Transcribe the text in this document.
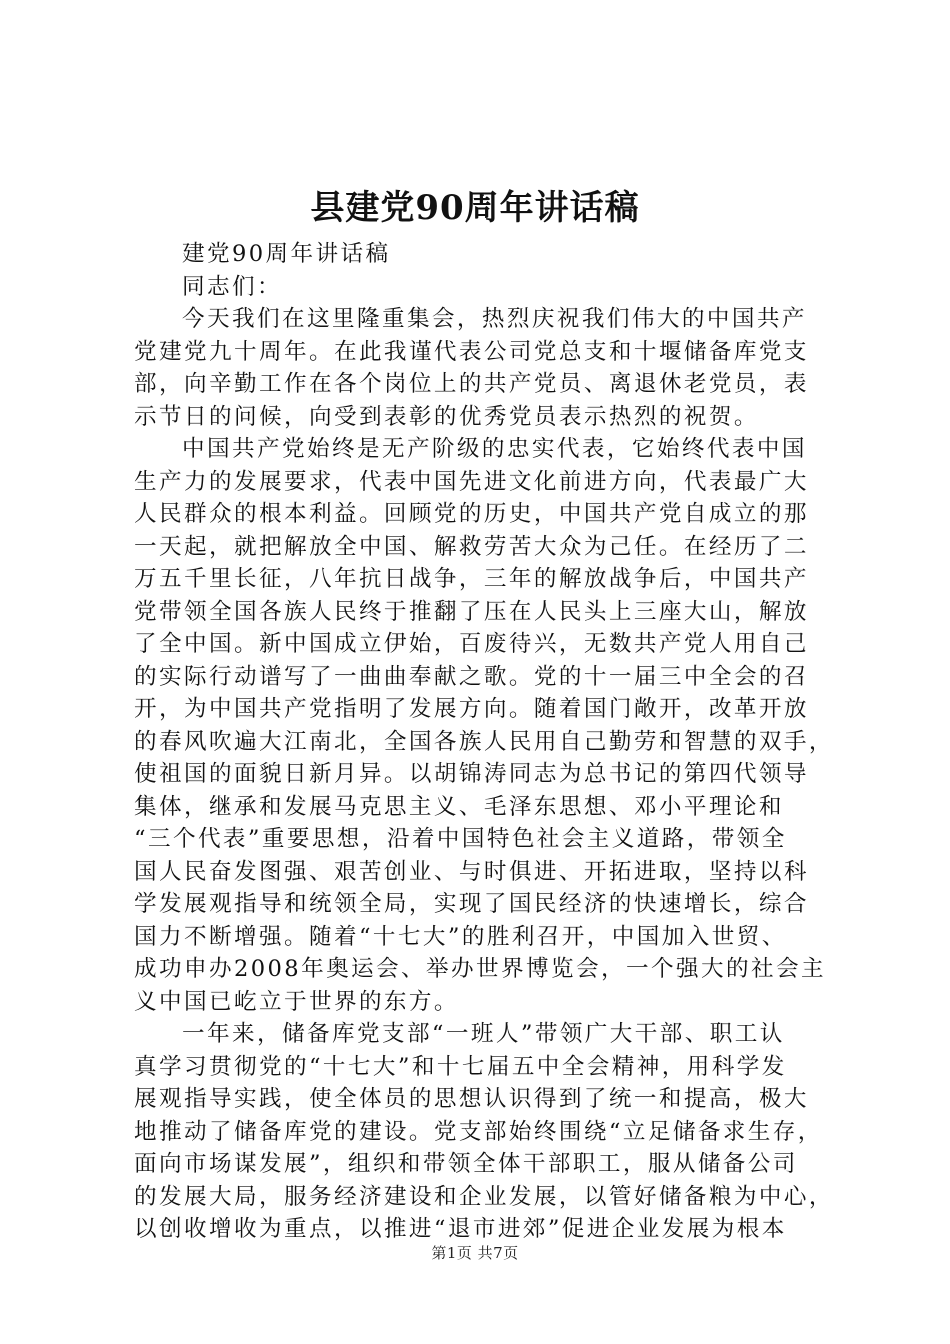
县建党90周年讲话稿
建党90周年讲话稿
同志们：
今天我们在这里隆重集会，热烈庆祝我们伟大的中国共产
党建党九十周年。在此我谨代表公司党总支和十堰储备库党支
部，向辛勤工作在各个岗位上的共产党员、离退休老党员，表
示节日的问候，向受到表彰的优秀党员表示热烈的祝贺。
中国共产党始终是无产阶级的忠实代表，它始终代表中国
生产力的发展要求，代表中国先进文化前进方向，代表最广大
人民群众的根本利益。回顾党的历史，中国共产党自成立的那
一天起，就把解放全中国、解救劳苦大众为己任。在经历了二
万五千里长征，八年抗日战争，三年的解放战争后，中国共产
党带领全国各族人民终于推翻了压在人民头上三座大山，解放
了全中国。新中国成立伊始，百废待兴，无数共产党人用自己
的实际行动谱写了一曲曲奉献之歌。党的十一届三中全会的召
开，为中国共产党指明了发展方向。随着国门敞开，改革开放
的春风吹遍大江南北，全国各族人民用自己勤劳和智慧的双手，
使祖国的面貌日新月异。以胡锦涛同志为总书记的第四代领导
集体，继承和发展马克思主义、毛泽东思想、邓小平理论和
“三个代表”重要思想，沿着中国特色社会主义道路，带领全
国人民奋发图强、艰苦创业、与时俱进、开拓进取，坚持以科
学发展观指导和统领全局，实现了国民经济的快速增长，综合
国力不断增强。随着“十七大”的胜利召开，中国加入世贸、
成功申办2008年奥运会、举办世界博览会，一个强大的社会主
义中国已屹立于世界的东方。
一年来，储备库党支部“一班人”带领广大干部、职工认
真学习贯彻党的“十七大”和十七届五中全会精神，用科学发
展观指导实践，使全体员的思想认识得到了统一和提高，极大
地推动了储备库党的建设。党支部始终围绕“立足储备求生存，
面向市场谋发展”，组织和带领全体干部职工，服从储备公司
的发展大局，服务经济建设和企业发展，以管好储备粮为中心，
以创收增收为重点，以推进“退市进郊”促进企业发展为根本
第1页 共7页
